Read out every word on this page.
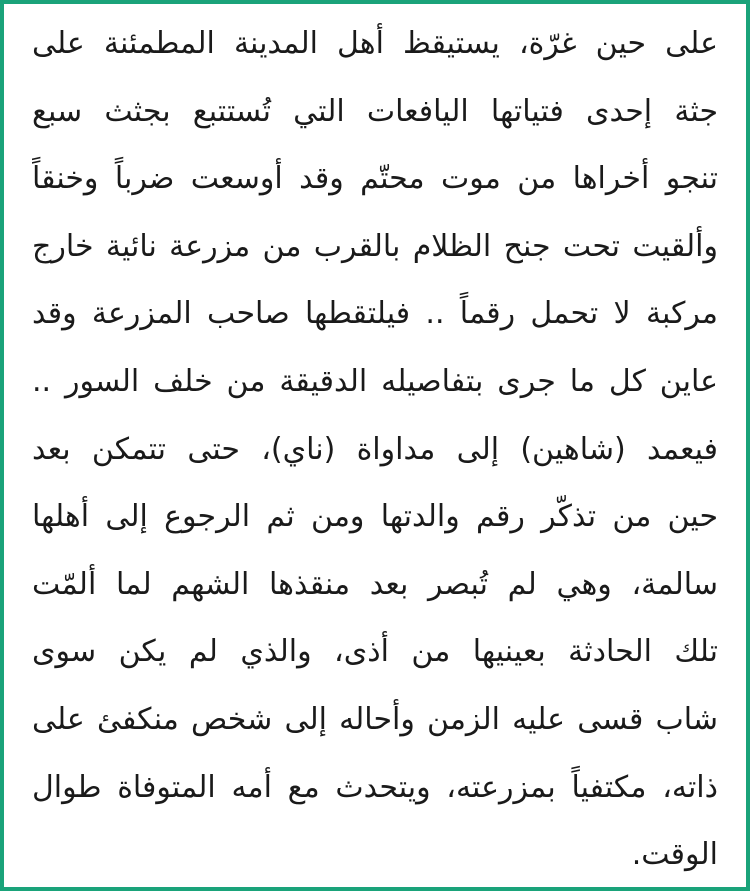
على حين غرّة، يستيقظ أهل المدينة المطمئنة على
جثة إحدى فتياتها اليافعات التي تُستتبع بجثث سبع
تنجو أخراها من موت محتّم وقد أوسعت ضرباً وخنقاً
وألقيت تحت جنح الظلام بالقرب من مزرعة نائية خارج
مركبة لا تحمل رقماً .. فيلتقطها صاحب المزرعة وقد
عاين كل ما جرى بتفاصيله الدقيقة من خلف السور ..
فيعمد (شاهين) إلى مداواة (ناي)، حتى تتمكن بعد
حين من تذكّر رقم والدتها ومن ثم الرجوع إلى أهلها
سالمة، وهي لم تُبصر بعد منقذها الشهم لما ألمّت
تلك الحادثة بعينيها من أذى، والذي لم يكن سوى
شاب قسى عليه الزمن وأحاله إلى شخص منكفئ على
ذاته، مكتفياً بمزرعته، ويتحدث مع أمه المتوفاة طوال
الوقت.
